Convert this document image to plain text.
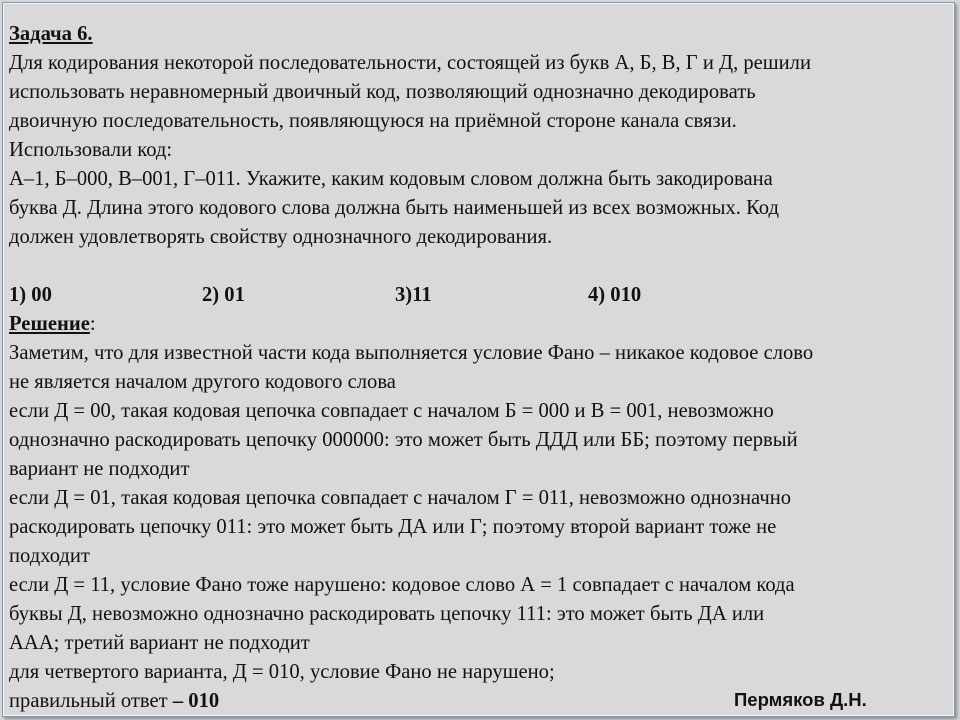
Задача 6.
Для кодирования некоторой последовательности, состоящей из букв А, Б, В, Г и Д, решили
использовать неравномерный двоичный код, позволяющий однозначно декодировать
двоичную последовательность, появляющуюся на приёмной стороне канала связи.
Использовали код:
А–1, Б–000, В–001, Г–011. Укажите, каким кодовым словом должна быть закодирована
буква Д. Длина этого кодового слова должна быть наименьшей из всех возможных. Код
должен удовлетворять свойству однозначного декодирования.
1) 00	2) 01	3)11	4) 010
Решение:
Заметим, что для известной части кода выполняется условие Фано – никакое кодовое слово
не является началом другого кодового слова
если Д = 00, такая кодовая цепочка совпадает с началом Б = 000 и В = 001, невозможно
однозначно раскодировать цепочку 000000: это может быть ДДД или ББ; поэтому первый
вариант не подходит
если Д = 01, такая кодовая цепочка совпадает с началом Г = 011, невозможно однозначно
раскодировать цепочку 011: это может быть ДА или Г; поэтому второй вариант тоже не
подходит
если Д = 11, условие Фано тоже нарушено: кодовое слово А = 1 совпадает с началом кода
буквы Д, невозможно однозначно раскодировать цепочку 111: это может быть ДА или
ААА; третий вариант не подходит
для четвертого варианта, Д = 010, условие Фано не нарушено;
правильный ответ – 010	Пермяков Д.Н.
